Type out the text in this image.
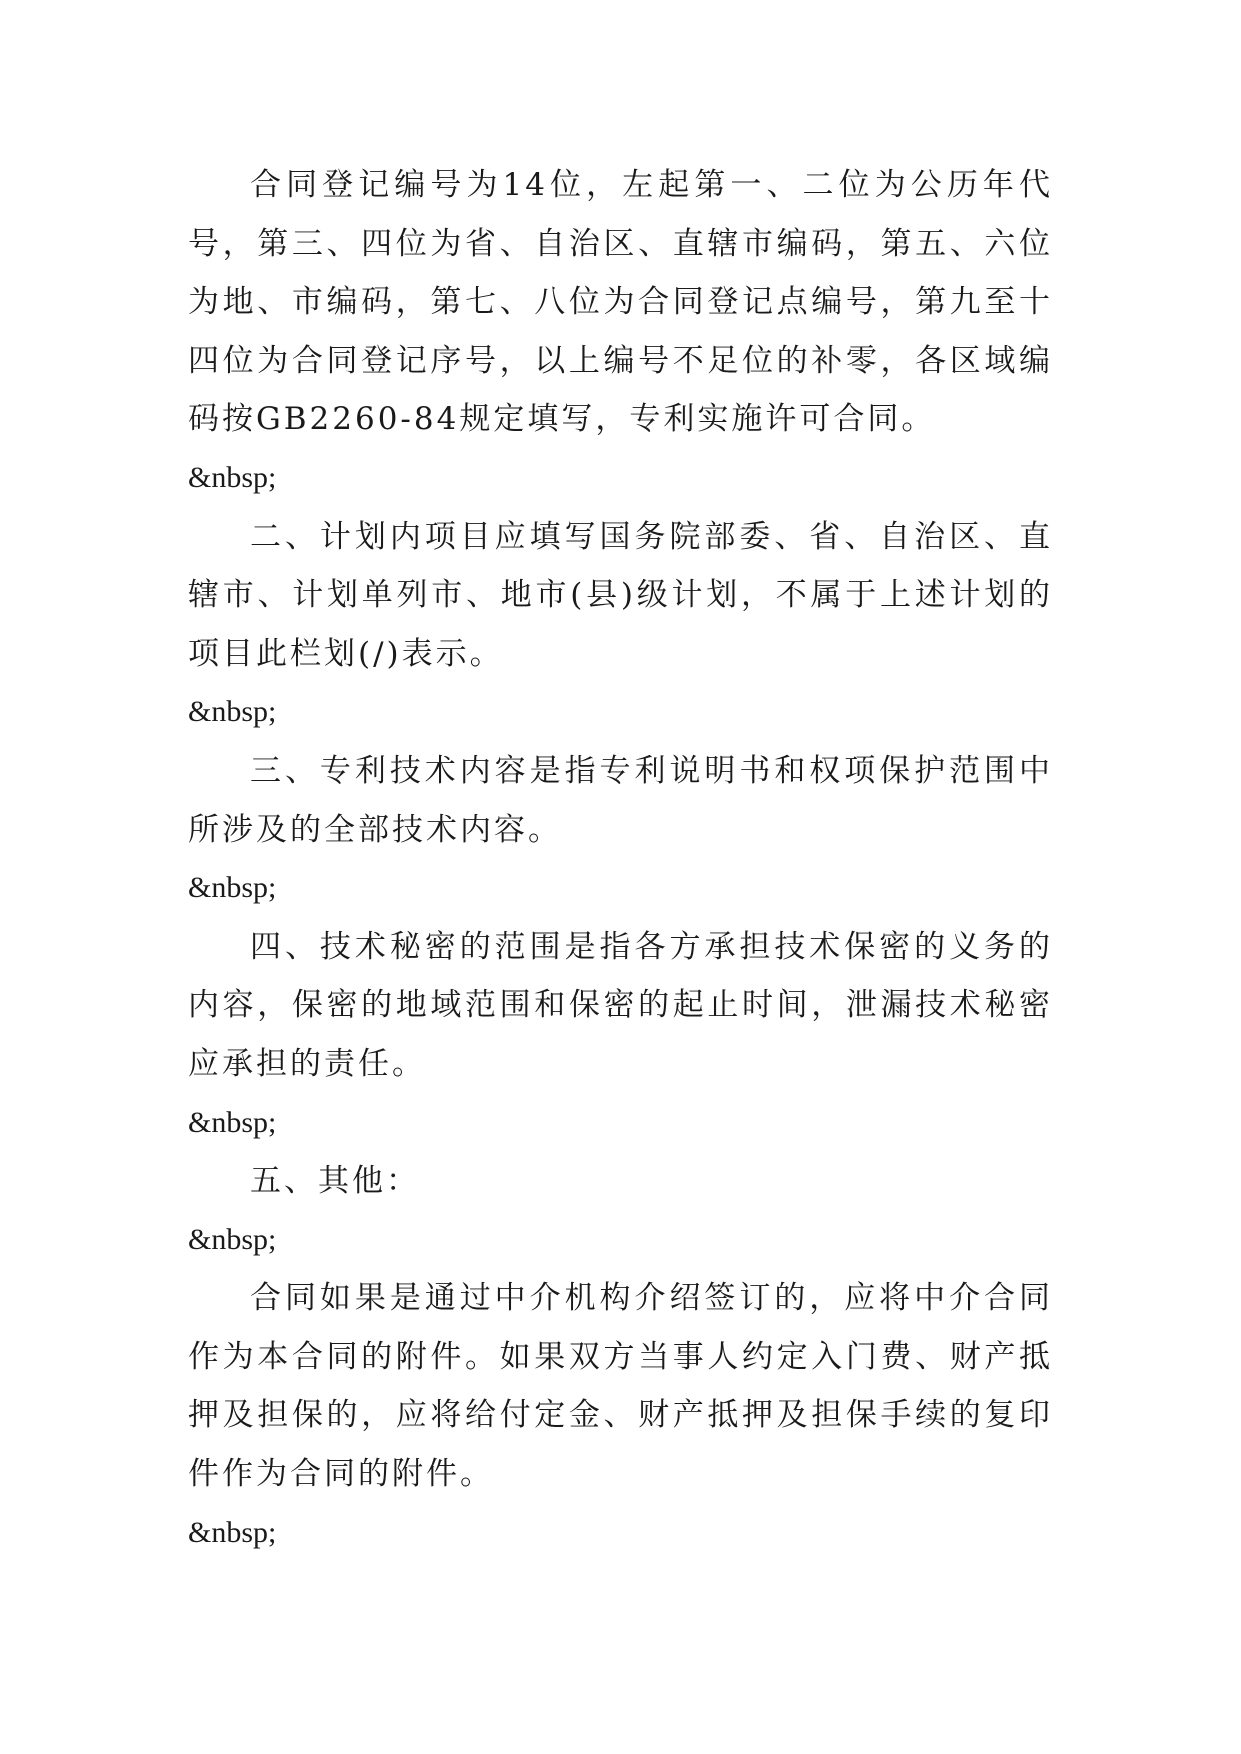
合同登记编号为14位，左起第一、二位为公历年代号，第三、四位为省、自治区、直辖市编码，第五、六位为地、市编码，第七、八位为合同登记点编号，第九至十四位为合同登记序号，以上编号不足位的补零，各区域编码按GB2260-84规定填写，专利实施许可合同。

&nbsp;

二、计划内项目应填写国务院部委、省、自治区、直辖市、计划单列市、地市(县)级计划，不属于上述计划的项目此栏划(/)表示。

&nbsp;

三、专利技术内容是指专利说明书和权项保护范围中所涉及的全部技术内容。

&nbsp;

四、技术秘密的范围是指各方承担技术保密的义务的内容，保密的地域范围和保密的起止时间，泄漏技术秘密应承担的责任。

&nbsp;

五、其他：

&nbsp;

合同如果是通过中介机构介绍签订的，应将中介合同作为本合同的附件。如果双方当事人约定入门费、财产抵押及担保的，应将给付定金、财产抵押及担保手续的复印件作为合同的附件。

&nbsp;
